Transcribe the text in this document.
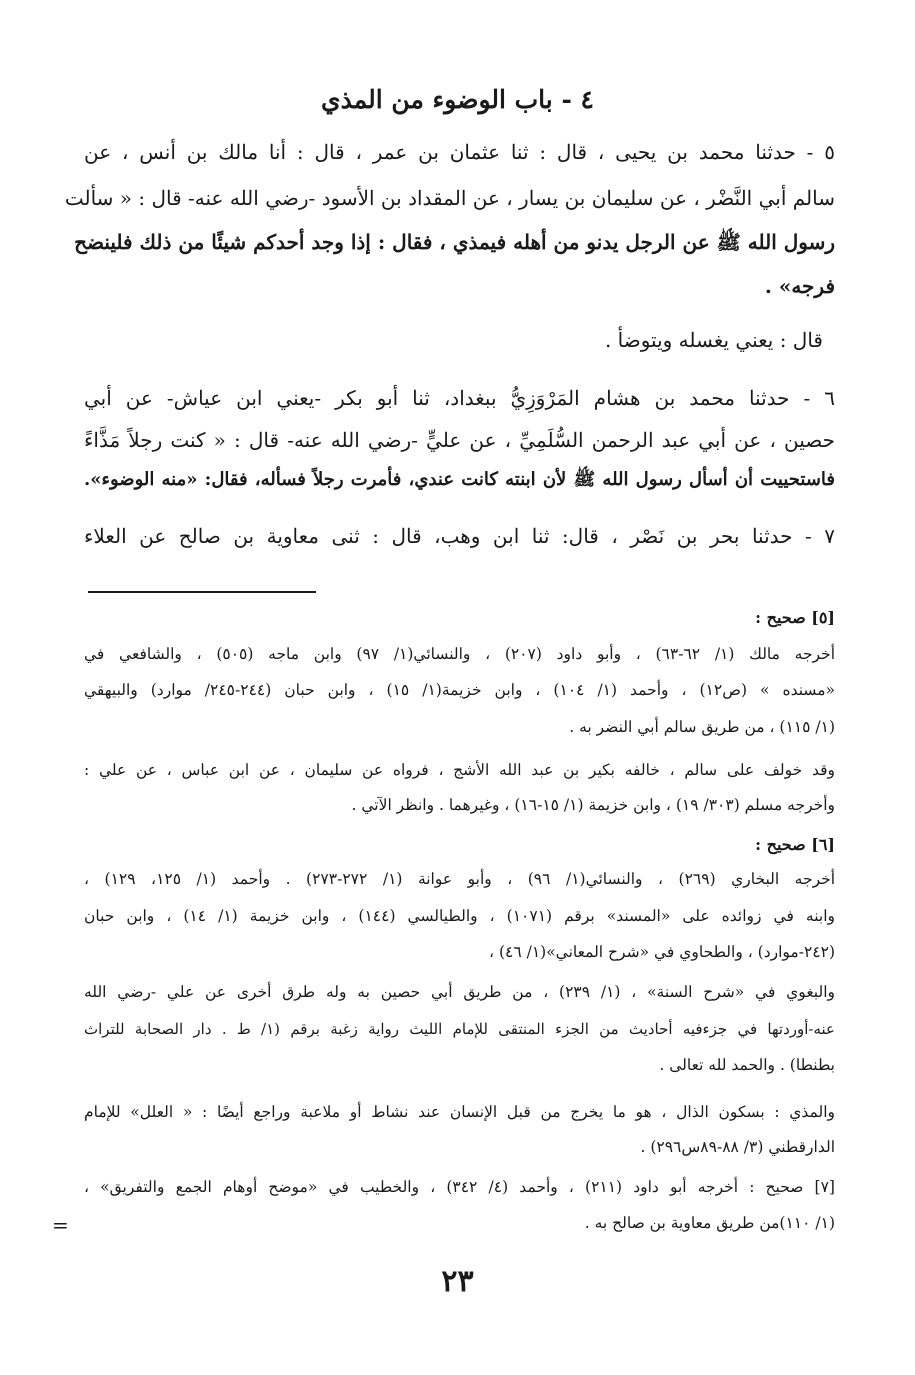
٤ - باب الوضوء من المذي
٥ - حدثنا محمد بن يحيى ، قال : ثنا عثمان بن عمر ، قال : أنا مالك بن أنس ، عن
سالم أبي النَّضْر ، عن سليمان بن يسار ، عن المقداد بن الأسود -رضي الله عنه- قال : « سألت
رسول الله ﷺ عن الرجل يدنو من أهله فيمذي ، فقال : إذا وجد أحدكم شيئًا من ذلك فلينضح
فرجه» .
قال : يعني يغسله ويتوضأ .
٦ - حدثنا محمد بن هشام المَرْوَزِيُّ ببغداد، ثنا أبو بكر -يعني ابن عياش- عن أبي
حصين ، عن أبي عبد الرحمن السُّلَمِيِّ ، عن عليٍّ -رضي الله عنه- قال : « كنت رجلاً مَذَّاءً
فاستحييت أن أسأل رسول الله ﷺ لأن ابنته كانت عندي، فأمرت رجلاً فسأله، فقال: «منه الوضوء».
٧ - حدثنا بحر بن نَصْر ، قال: ثنا ابن وهب، قال : ثنى معاوية بن صالح عن العلاء
[٥] صحيح :
أخرجه مالك (١/ ٦٢-٦٣) ، وأبو داود (٢٠٧) ، والنسائي(١/ ٩٧) وابن ماجه (٥٠٥) ، والشافعي في
«مسنده » (ص١٢) ، وأحمد (١/ ١٠٤) ، وابن خزيمة(١/ ١٥) ، وابن حبان (٢٤٤-٢٤٥/ موارد) والبيهقي
(١/ ١١٥) ، من طريق سالم أبي النضر به .
وقد خولف على سالم ، خالفه بكير بن عبد الله الأشج ، فرواه عن سليمان ، عن ابن عباس ، عن علي :
وأخرجه مسلم (٣٠٣/ ١٩) ، وابن خزيمة (١/ ١٥-١٦) ، وغيرهما . وانظر الآتي .
[٦] صحيح :
أخرجه البخاري (٢٦٩) ، والنسائي(١/ ٩٦) ، وأبو عوانة (١/ ٢٧٢-٢٧٣) . وأحمد (١/ ١٢٥، ١٢٩) ،
وابنه في زوائده على «المسند» برقم (١٠٧١) ، والطيالسي (١٤٤) ، وابن خزيمة (١/ ١٤) ، وابن حبان
(٢٤٢-موارد) ، والطحاوي في «شرح المعاني»(١/ ٤٦) ،
والبغوي في «شرح السنة» ، (١/ ٢٣٩) ، من طريق أبي حصين به وله طرق أخرى عن علي -رضي الله
عنه-أوردتها في جزءفيه أحاديث من الجزء المنتقى للإمام الليث رواية زغبة برقم (١/ ط . دار الصحابة للتراث
بطنطا) . والحمد لله تعالى .
والمذي : بسكون الذال ، هو ما يخرج من قبل الإنسان عند نشاط أو ملاعبة وراجع أيضًا : « العلل» للإمام
الدارقطني (٣/ ٨٨-٨٩س٢٩٦) .
[٧] صحيح : أخرجه أبو داود (٢١١) ، وأحمد (٤/ ٣٤٢) ، والخطيب في «موضح أوهام الجمع والتفريق» ،
(١/ ١١٠)من طريق معاوية بن صالح به .
=
٢٣
